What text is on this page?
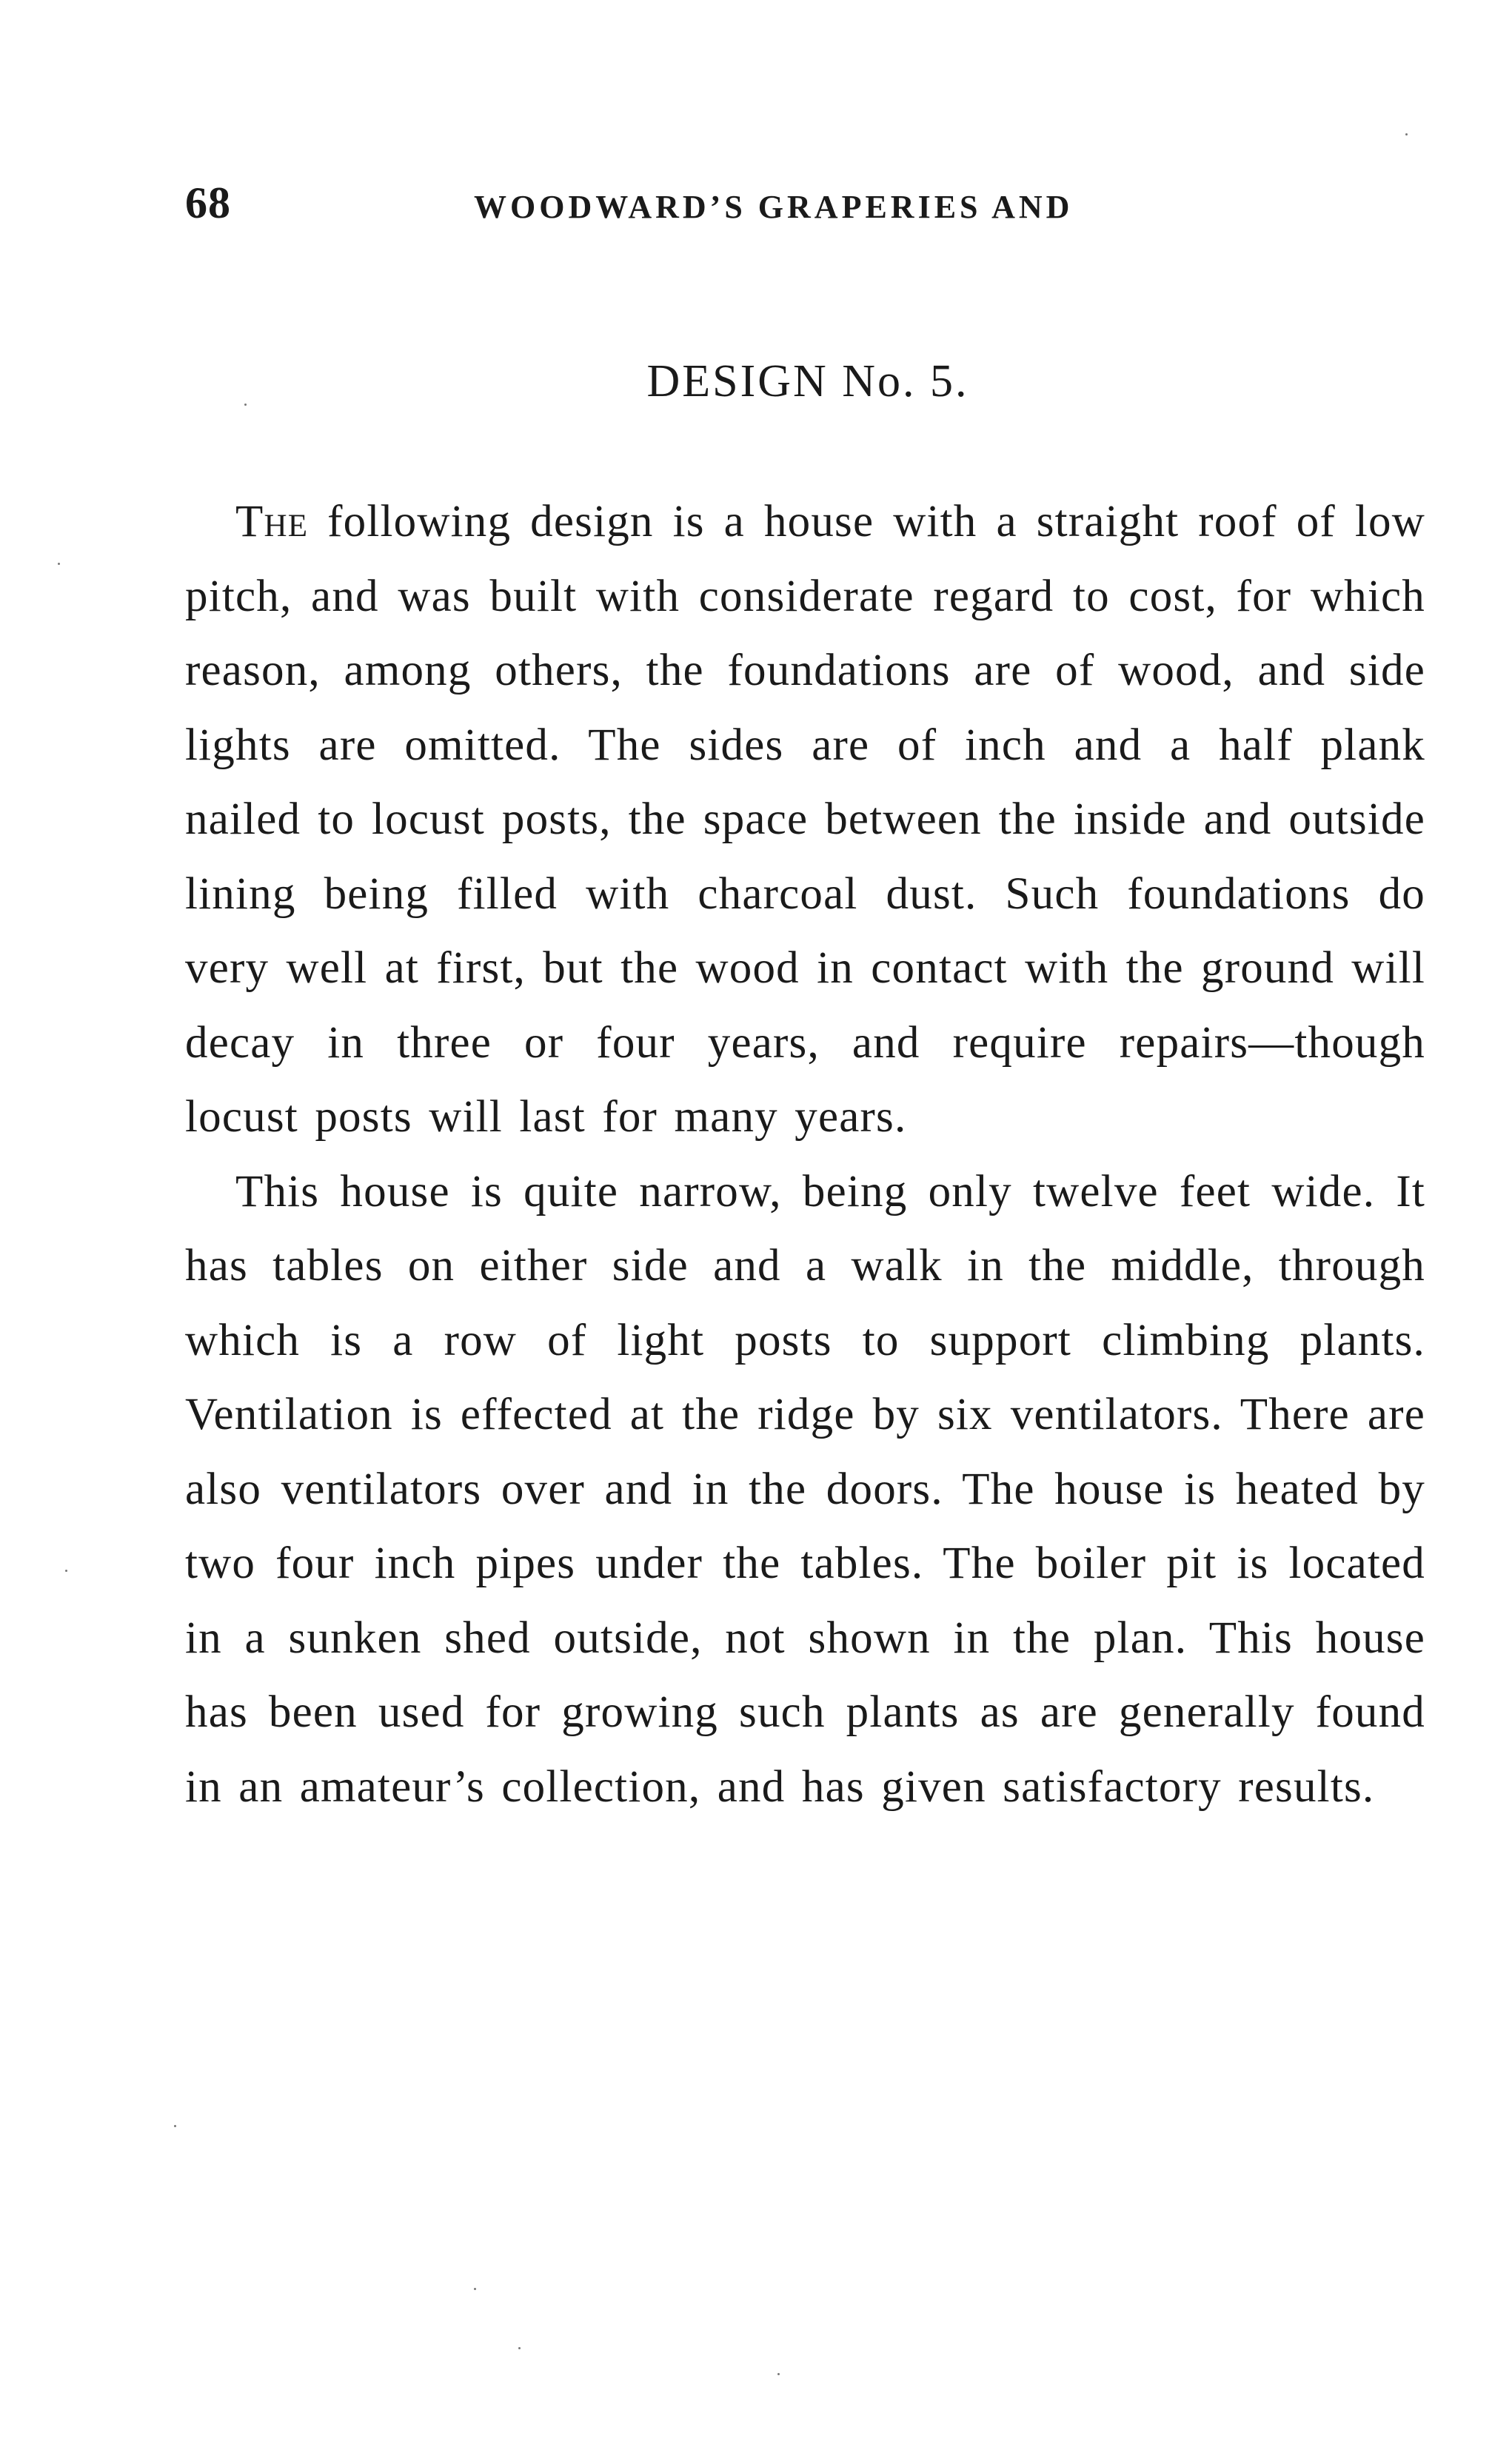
68	WOODWARD’S GRAPERIES AND
DESIGN No. 5.

The following design is a house with a straight roof of low pitch, and was built with considerate regard to cost, for which reason, among others, the foundations are of wood, and side lights are omitted. The sides are of inch and a half plank nailed to locust posts, the space between the inside and outside lining being filled with charcoal dust. Such foundations do very well at first, but the wood in contact with the ground will decay in three or four years, and require repairs—though locust posts will last for many years.

This house is quite narrow, being only twelve feet wide. It has tables on either side and a walk in the middle, through which is a row of light posts to support climbing plants. Ventilation is effected at the ridge by six ventilators. There are also ventilators over and in the doors. The house is heated by two four inch pipes under the tables. The boiler pit is located in a sunken shed outside, not shown in the plan. This house has been used for growing such plants as are generally found in an amateur’s collection, and has given satisfactory results.
